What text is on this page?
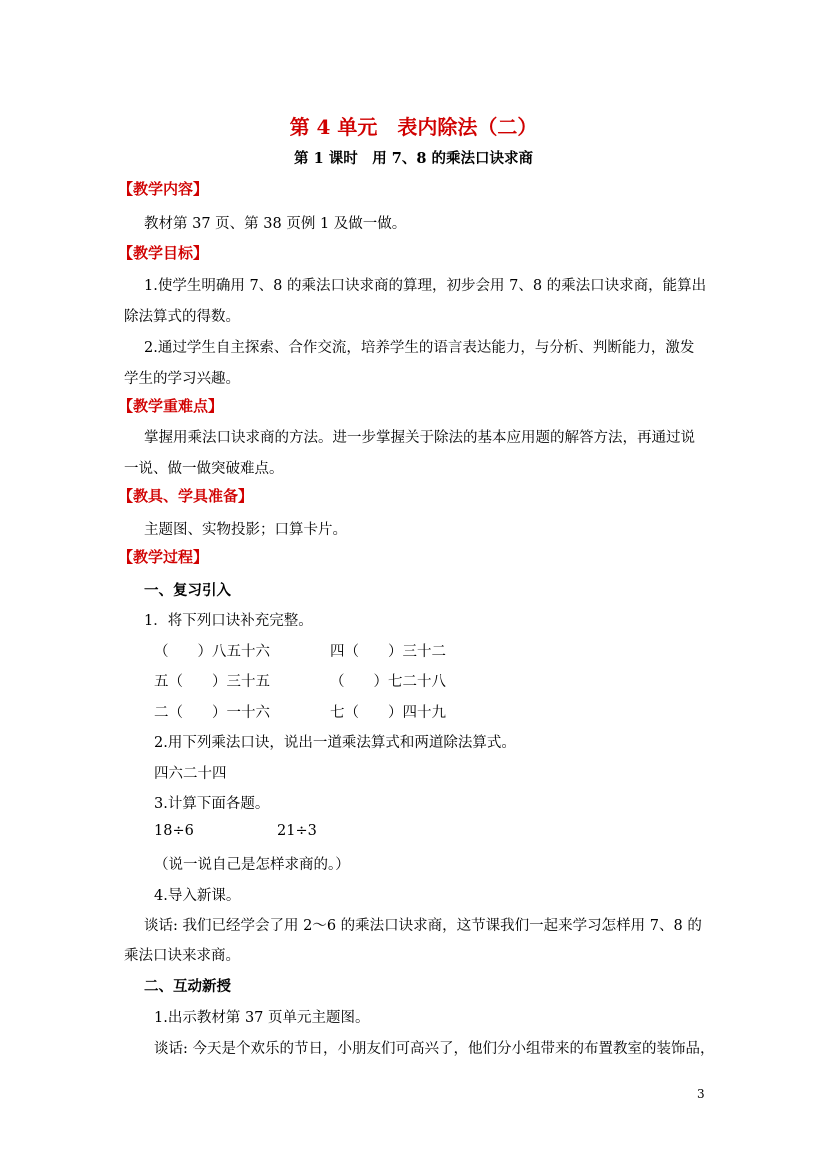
第 4 单元　表内除法（二）
第 1 课时　用 7、8 的乘法口诀求商
【教学内容】
教材第 37 页、第 38 页例 1 及做一做。
【教学目标】
1.使学生明确用 7、8 的乘法口诀求商的算理，初步会用 7、8 的乘法口诀求商，能算出
除法算式的得数。
2.通过学生自主探索、合作交流，培养学生的语言表达能力，与分析、判断能力，激发
学生的学习兴趣。
【教学重难点】
掌握用乘法口诀求商的方法。进一步掌握关于除法的基本应用题的解答方法，再通过说
一说、做一做突破难点。
【教具、学具准备】
主题图、实物投影；口算卡片。
【教学过程】
一、复习引入
1．将下列口诀补充完整。
（　　）八五十六	四（　　）三十二
五（　　）三十五	（　　）七二十八
二（　　）一十六	七（　　）四十九
2.用下列乘法口诀，说出一道乘法算式和两道除法算式。
四六二十四
3.计算下面各题。
18÷6	21÷3
（说一说自己是怎样求商的。）
4.导入新课。
谈话: 我们已经学会了用 2～6 的乘法口诀求商，这节课我们一起来学习怎样用 7、8 的
乘法口诀来求商。
二、互动新授
1.出示教材第 37 页单元主题图。
谈话: 今天是个欢乐的节日，小朋友们可高兴了，他们分小组带来的布置教室的装饰品，
3
